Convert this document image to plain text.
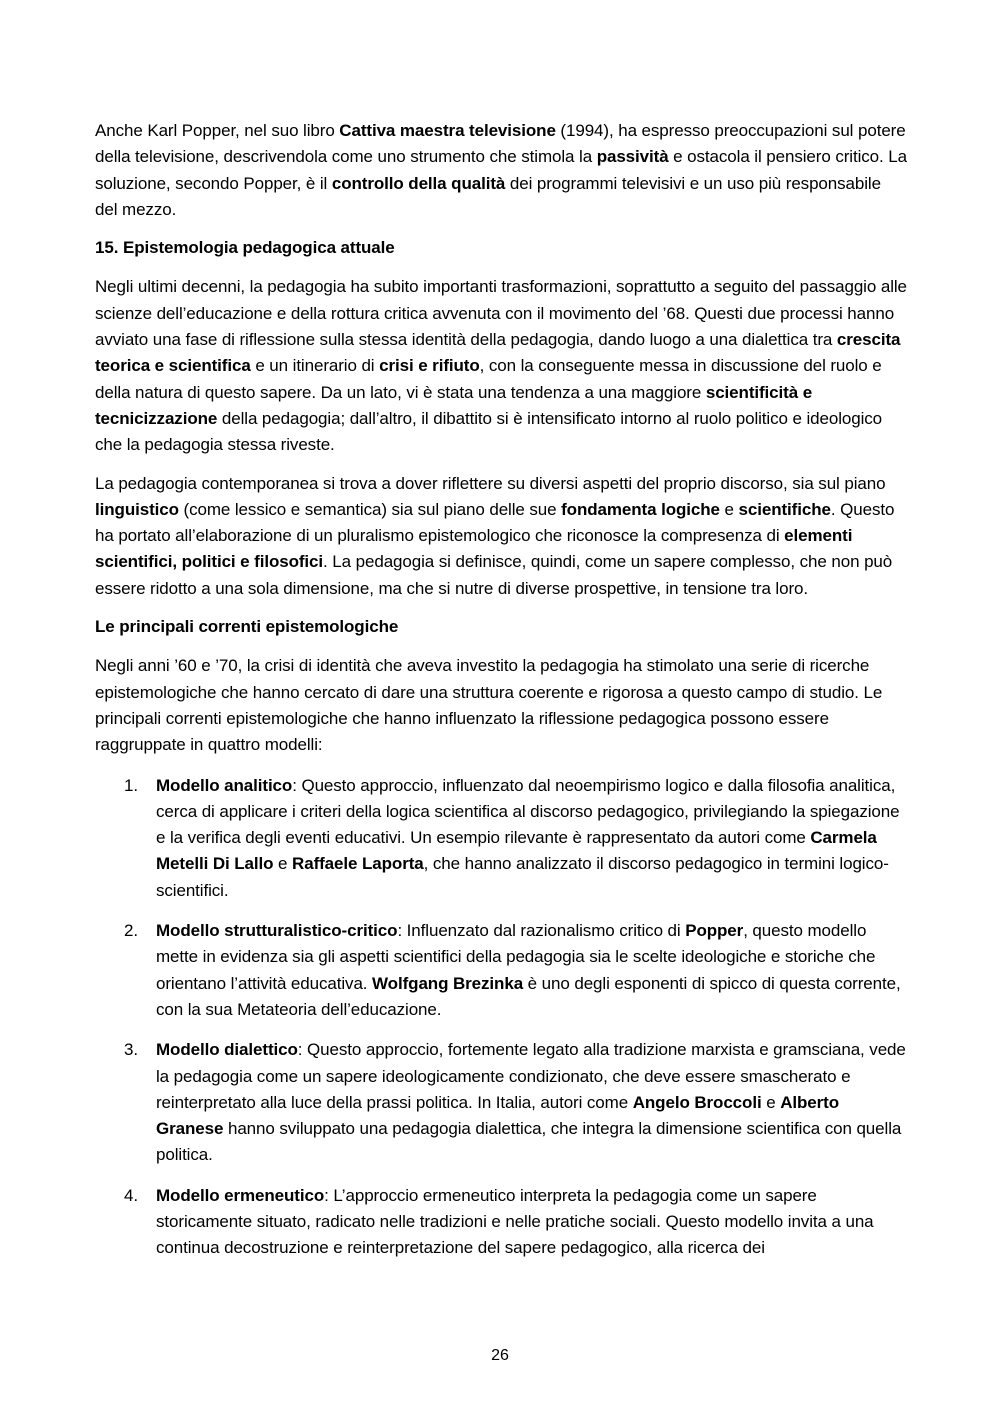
Anche Karl Popper, nel suo libro Cattiva maestra televisione (1994), ha espresso preoccupazioni sul potere della televisione, descrivendola come uno strumento che stimola la passività e ostacola il pensiero critico. La soluzione, secondo Popper, è il controllo della qualità dei programmi televisivi e un uso più responsabile del mezzo.

15. Epistemologia pedagogica attuale

Negli ultimi decenni, la pedagogia ha subito importanti trasformazioni, soprattutto a seguito del passaggio alle scienze dell’educazione e della rottura critica avvenuta con il movimento del ’68. Questi due processi hanno avviato una fase di riflessione sulla stessa identità della pedagogia, dando luogo a una dialettica tra crescita teorica e scientifica e un itinerario di crisi e rifiuto, con la conseguente messa in discussione del ruolo e della natura di questo sapere. Da un lato, vi è stata una tendenza a una maggiore scientificità e tecnicizzazione della pedagogia; dall’altro, il dibattito si è intensificato intorno al ruolo politico e ideologico che la pedagogia stessa riveste.

La pedagogia contemporanea si trova a dover riflettere su diversi aspetti del proprio discorso, sia sul piano linguistico (come lessico e semantica) sia sul piano delle sue fondamenta logiche e scientifiche. Questo ha portato all’elaborazione di un pluralismo epistemologico che riconosce la compresenza di elementi scientifici, politici e filosofici. La pedagogia si definisce, quindi, come un sapere complesso, che non può essere ridotto a una sola dimensione, ma che si nutre di diverse prospettive, in tensione tra loro.

Le principali correnti epistemologiche

Negli anni ’60 e ’70, la crisi di identità che aveva investito la pedagogia ha stimolato una serie di ricerche epistemologiche che hanno cercato di dare una struttura coerente e rigorosa a questo campo di studio. Le principali correnti epistemologiche che hanno influenzato la riflessione pedagogica possono essere raggruppate in quattro modelli:

1. Modello analitico: Questo approccio, influenzato dal neoempirismo logico e dalla filosofia analitica, cerca di applicare i criteri della logica scientifica al discorso pedagogico, privilegiando la spiegazione e la verifica degli eventi educativi. Un esempio rilevante è rappresentato da autori come Carmela Metelli Di Lallo e Raffaele Laporta, che hanno analizzato il discorso pedagogico in termini logico-scientifici.
2. Modello strutturalistico-critico: Influenzato dal razionalismo critico di Popper, questo modello mette in evidenza sia gli aspetti scientifici della pedagogia sia le scelte ideologiche e storiche che orientano l’attività educativa. Wolfgang Brezinka è uno degli esponenti di spicco di questa corrente, con la sua Metateoria dell’educazione.
3. Modello dialettico: Questo approccio, fortemente legato alla tradizione marxista e gramsciana, vede la pedagogia come un sapere ideologicamente condizionato, che deve essere smascherato e reinterpretato alla luce della prassi politica. In Italia, autori come Angelo Broccoli e Alberto Granese hanno sviluppato una pedagogia dialettica, che integra la dimensione scientifica con quella politica.
4. Modello ermeneutico: L’approccio ermeneutico interpreta la pedagogia come un sapere storicamente situato, radicato nelle tradizioni e nelle pratiche sociali. Questo modello invita a una continua decostruzione e reinterpretazione del sapere pedagogico, alla ricerca dei
26
